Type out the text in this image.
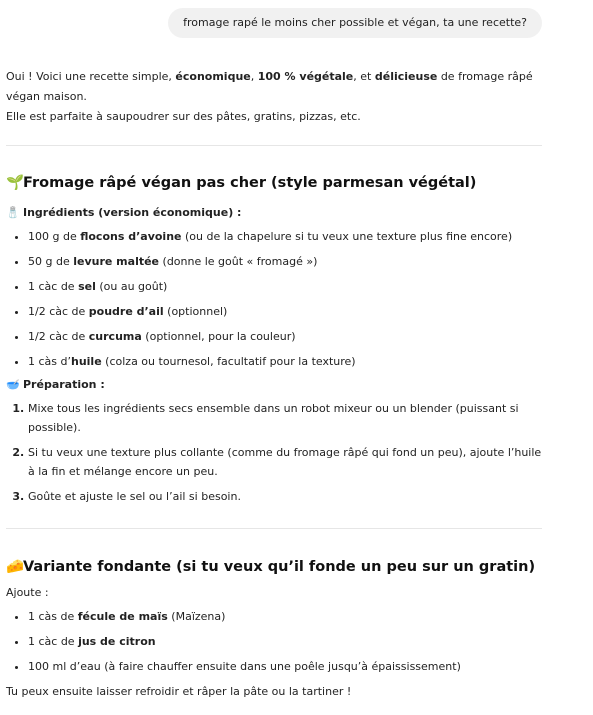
fromage rapé le moins cher possible et végan, ta une recette?

Oui ! Voici une recette simple, économique, 100 % végétale, et délicieuse de fromage râpé végan maison.
Elle est parfaite à saupoudrer sur des pâtes, gratins, pizzas, etc.

🌱Fromage râpé végan pas cher (style parmesan végétal)
🧂 Ingrédients (version économique) :
• 100 g de flocons d’avoine (ou de la chapelure si tu veux une texture plus fine encore)
• 50 g de levure maltée (donne le goût « fromagé »)
• 1 càc de sel (ou au goût)
• 1/2 càc de poudre d’ail (optionnel)
• 1/2 càc de curcuma (optionnel, pour la couleur)
• 1 càs d’huile (colza ou tournesol, facultatif pour la texture)
🥣 Préparation :
1. Mixe tous les ingrédients secs ensemble dans un robot mixeur ou un blender (puissant si possible).
2. Si tu veux une texture plus collante (comme du fromage râpé qui fond un peu), ajoute l’huile à la fin et mélange encore un peu.
3. Goûte et ajuste le sel ou l’ail si besoin.
🧀Variante fondante (si tu veux qu’il fonde un peu sur un gratin)

Ajoute :

• 1 càs de fécule de maïs (Maïzena)
• 1 càc de jus de citron
• 100 ml d’eau (à faire chauffer ensuite dans une poêle jusqu’à épaississement)

Tu peux ensuite laisser refroidir et râper la pâte ou la tartiner !
